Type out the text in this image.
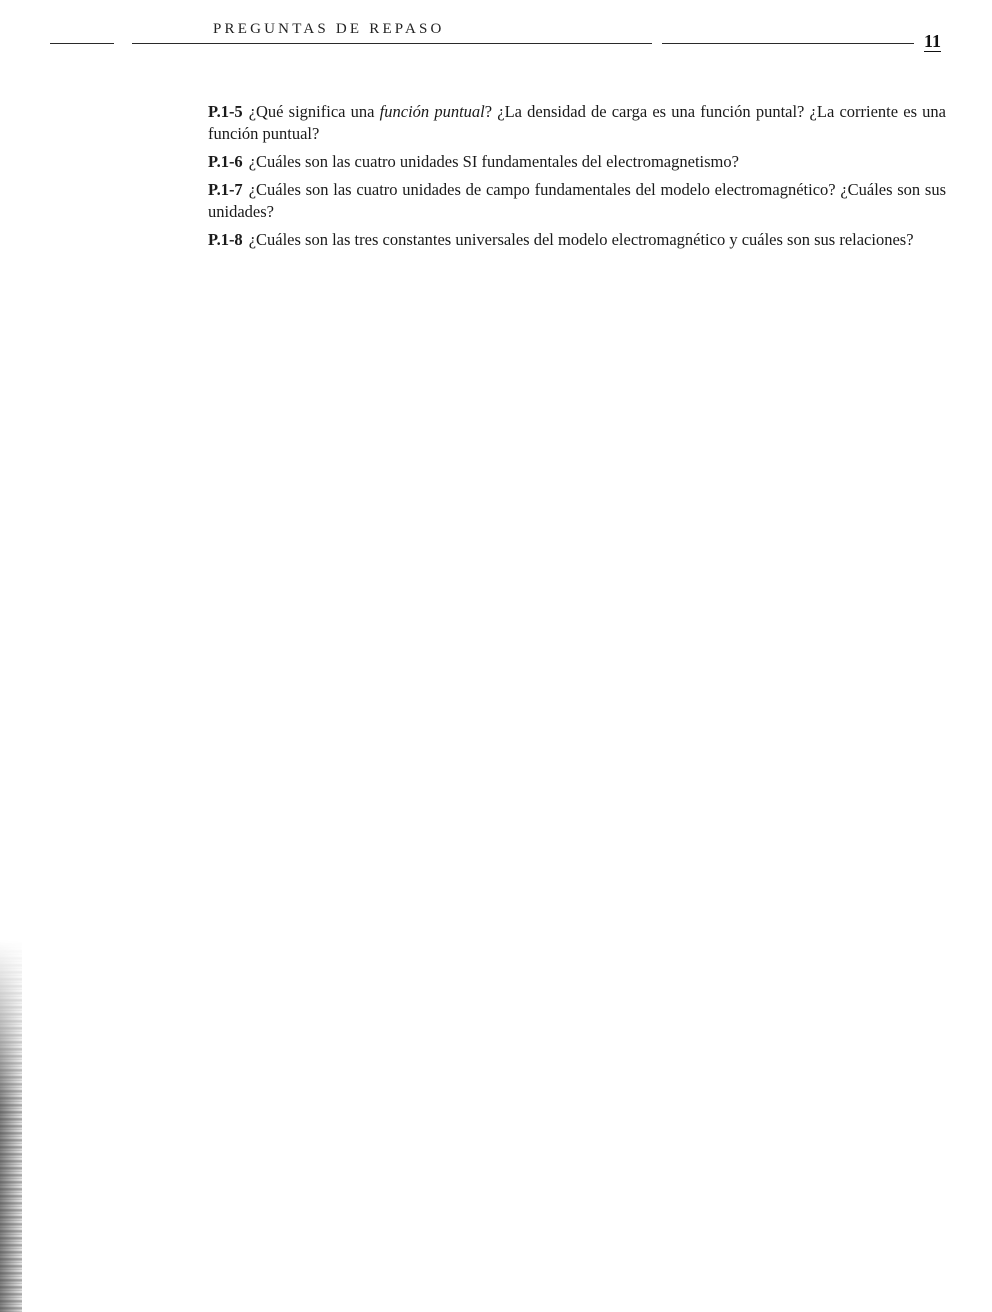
PREGUNTAS DE REPASO
11

P.1-5 ¿Qué significa una función puntual? ¿La densidad de carga es una función puntal? ¿La corriente es una función puntual?

P.1-6 ¿Cuáles son las cuatro unidades SI fundamentales del electromagnetismo?

P.1-7 ¿Cuáles son las cuatro unidades de campo fundamentales del modelo electromagnético? ¿Cuáles son sus unidades?

P.1-8 ¿Cuáles son las tres constantes universales del modelo electromagnético y cuáles son sus relaciones?
